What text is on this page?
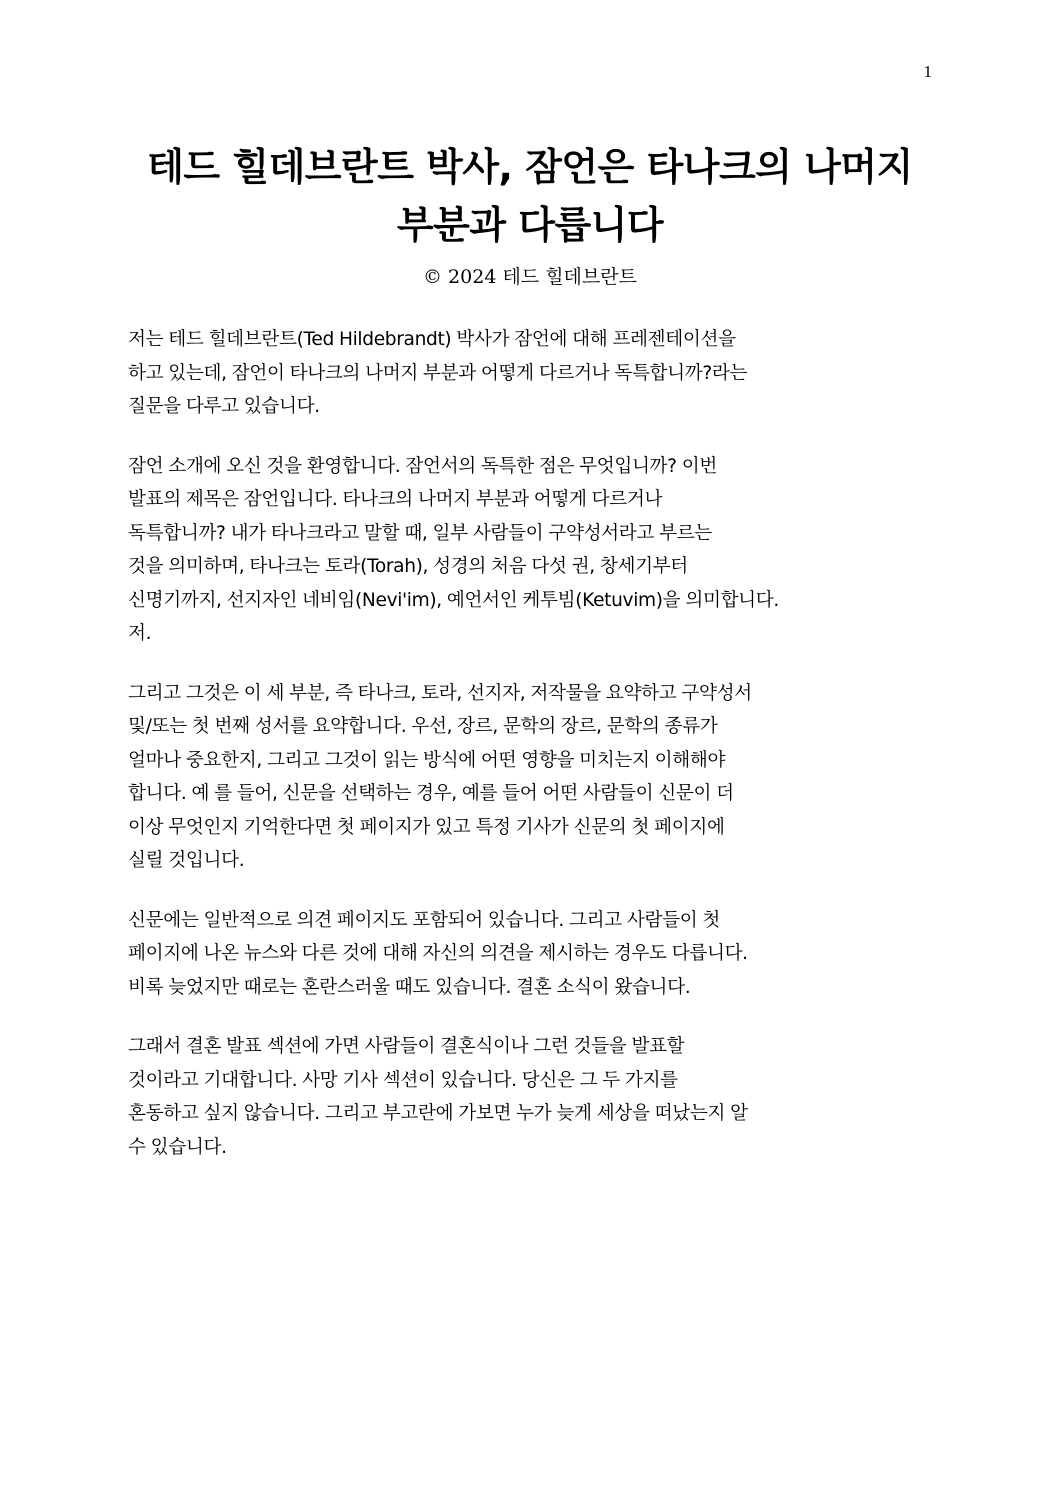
1
테드 힐데브란트 박사, 잠언은 타나크의 나머지
부분과 다릅니다
© 2024 테드 힐데브란트

저는 테드 힐데브란트(Ted Hildebrandt) 박사가 잠언에 대해 프레젠테이션을
하고 있는데, 잠언이 타나크의 나머지 부분과 어떻게 다르거나 독특합니까?라는
질문을 다루고 있습니다.

잠언 소개에 오신 것을 환영합니다. 잠언서의 독특한 점은 무엇입니까? 이번
발표의 제목은 잠언입니다. 타나크의 나머지 부분과 어떻게 다르거나
독특합니까? 내가 타나크라고 말할 때, 일부 사람들이 구약성서라고 부르는
것을 의미하며, 타나크는 토라(Torah), 성경의 처음 다섯 권, 창세기부터
신명기까지, 선지자인 네비임(Nevi'im), 예언서인 케투빔(Ketuvim)을 의미합니다.
저.

그리고 그것은 이 세 부분, 즉 타나크, 토라, 선지자, 저작물을 요약하고 구약성서
및/또는 첫 번째 성서를 요약합니다. 우선, 장르, 문학의 장르, 문학의 종류가
얼마나 중요한지, 그리고 그것이 읽는 방식에 어떤 영향을 미치는지 이해해야
합니다. 예 를 들어, 신문을 선택하는 경우, 예를 들어 어떤 사람들이 신문이 더
이상 무엇인지 기억한다면 첫 페이지가 있고 특정 기사가 신문의 첫 페이지에
실릴 것입니다.

신문에는 일반적으로 의견 페이지도 포함되어 있습니다. 그리고 사람들이 첫
페이지에 나온 뉴스와 다른 것에 대해 자신의 의견을 제시하는 경우도 다릅니다.
비록 늦었지만 때로는 혼란스러울 때도 있습니다. 결혼 소식이 왔습니다.

그래서 결혼 발표 섹션에 가면 사람들이 결혼식이나 그런 것들을 발표할
것이라고 기대합니다. 사망 기사 섹션이 있습니다. 당신은 그 두 가지를
혼동하고 싶지 않습니다. 그리고 부고란에 가보면 누가 늦게 세상을 떠났는지 알
수 있습니다.
